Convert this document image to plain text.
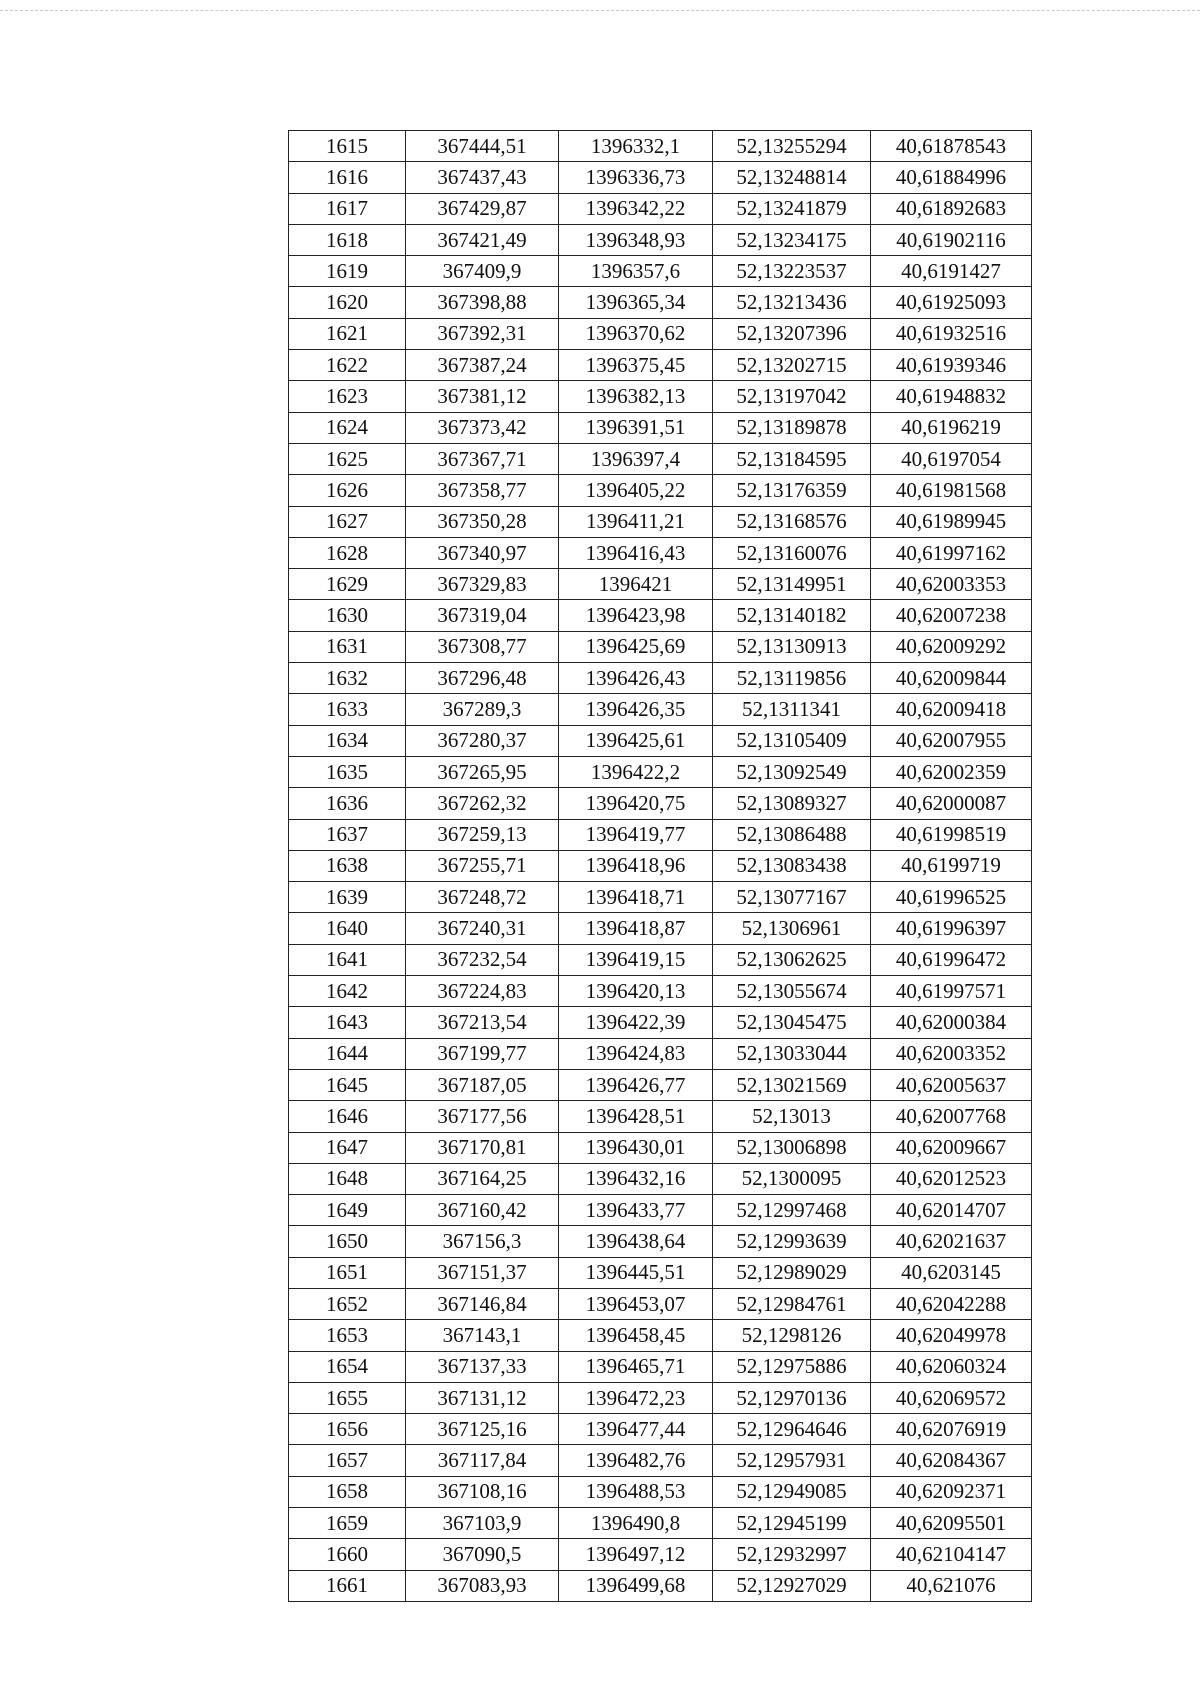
1615	367444,51	1396332,1	52,13255294	40,61878543
1616	367437,43	1396336,73	52,13248814	40,61884996
1617	367429,87	1396342,22	52,13241879	40,61892683
1618	367421,49	1396348,93	52,13234175	40,61902116
1619	367409,9	1396357,6	52,13223537	40,6191427
1620	367398,88	1396365,34	52,13213436	40,61925093
1621	367392,31	1396370,62	52,13207396	40,61932516
1622	367387,24	1396375,45	52,13202715	40,61939346
1623	367381,12	1396382,13	52,13197042	40,61948832
1624	367373,42	1396391,51	52,13189878	40,6196219
1625	367367,71	1396397,4	52,13184595	40,6197054
1626	367358,77	1396405,22	52,13176359	40,61981568
1627	367350,28	1396411,21	52,13168576	40,61989945
1628	367340,97	1396416,43	52,13160076	40,61997162
1629	367329,83	1396421	52,13149951	40,62003353
1630	367319,04	1396423,98	52,13140182	40,62007238
1631	367308,77	1396425,69	52,13130913	40,62009292
1632	367296,48	1396426,43	52,13119856	40,62009844
1633	367289,3	1396426,35	52,1311341	40,62009418
1634	367280,37	1396425,61	52,13105409	40,62007955
1635	367265,95	1396422,2	52,13092549	40,62002359
1636	367262,32	1396420,75	52,13089327	40,62000087
1637	367259,13	1396419,77	52,13086488	40,61998519
1638	367255,71	1396418,96	52,13083438	40,6199719
1639	367248,72	1396418,71	52,13077167	40,61996525
1640	367240,31	1396418,87	52,1306961	40,61996397
1641	367232,54	1396419,15	52,13062625	40,61996472
1642	367224,83	1396420,13	52,13055674	40,61997571
1643	367213,54	1396422,39	52,13045475	40,62000384
1644	367199,77	1396424,83	52,13033044	40,62003352
1645	367187,05	1396426,77	52,13021569	40,62005637
1646	367177,56	1396428,51	52,13013	40,62007768
1647	367170,81	1396430,01	52,13006898	40,62009667
1648	367164,25	1396432,16	52,1300095	40,62012523
1649	367160,42	1396433,77	52,12997468	40,62014707
1650	367156,3	1396438,64	52,12993639	40,62021637
1651	367151,37	1396445,51	52,12989029	40,6203145
1652	367146,84	1396453,07	52,12984761	40,62042288
1653	367143,1	1396458,45	52,1298126	40,62049978
1654	367137,33	1396465,71	52,12975886	40,62060324
1655	367131,12	1396472,23	52,12970136	40,62069572
1656	367125,16	1396477,44	52,12964646	40,62076919
1657	367117,84	1396482,76	52,12957931	40,62084367
1658	367108,16	1396488,53	52,12949085	40,62092371
1659	367103,9	1396490,8	52,12945199	40,62095501
1660	367090,5	1396497,12	52,12932997	40,62104147
1661	367083,93	1396499,68	52,12927029	40,621076
